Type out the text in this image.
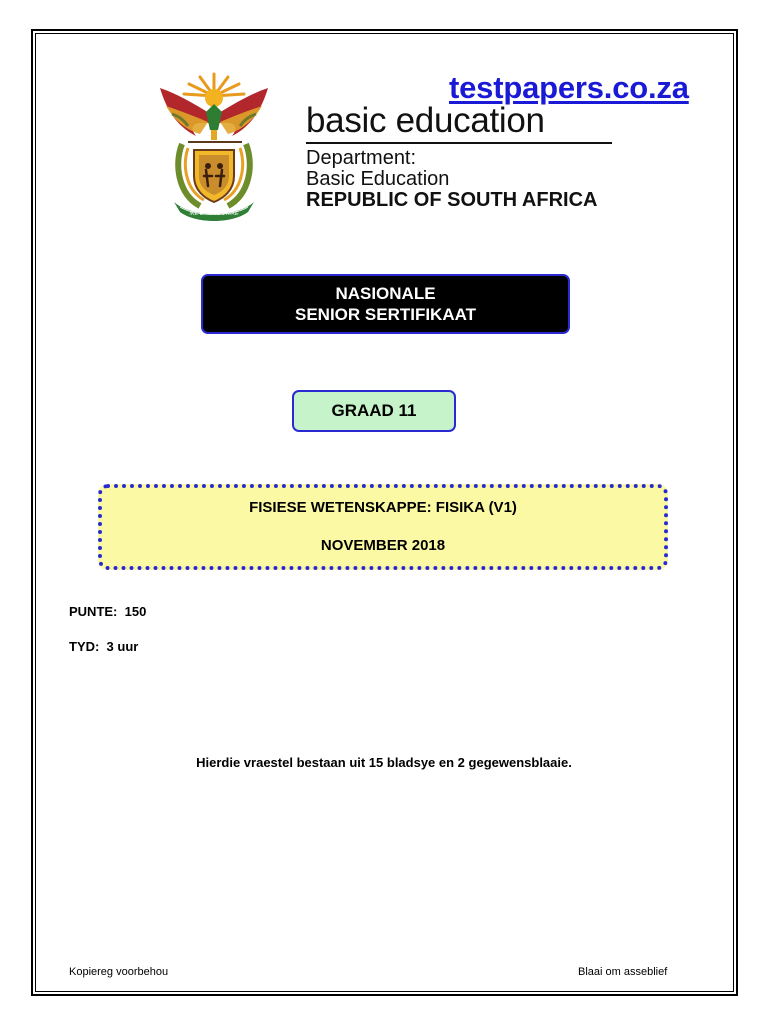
!KE E: /XARRA //KE
testpapers.co.za
basic education
Department:
Basic Education
REPUBLIC OF SOUTH AFRICA
NASIONALE
SENIOR SERTIFIKAAT
GRAAD 11
FISIESE WETENSKAPPE: FISIKA (V1)
NOVEMBER 2018
PUNTE:  150
TYD:  3 uur
Hierdie vraestel bestaan uit 15 bladsye en 2 gegewensblaaie.
Kopiereg voorbehou	Blaai om asseblief
